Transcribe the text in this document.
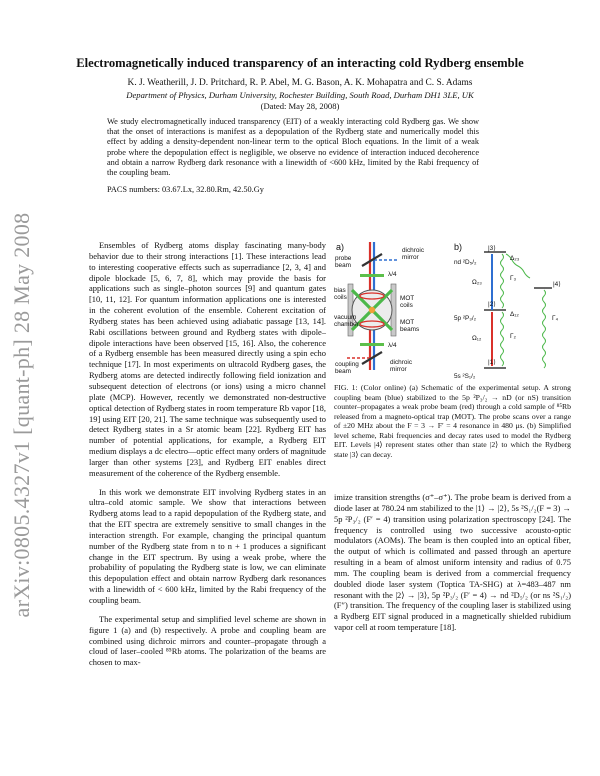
arXiv:0805.4327v1 [quant-ph] 28 May 2008
Electromagnetically induced transparency of an interacting cold Rydberg ensemble
K. J. Weatherill, J. D. Pritchard, R. P. Abel, M. G. Bason, A. K. Mohapatra and C. S. Adams
Department of Physics, Durham University, Rochester Building, South Road, Durham DH1 3LE, UK
(Dated: May 28, 2008)
We study electromagnetically induced transparency (EIT) of a weakly interacting cold Rydberg gas. We show that the onset of interactions is manifest as a depopulation of the Rydberg state and numerically model this effect by adding a density-dependent non-linear term to the optical Bloch equations. In the limit of a weak probe where the depopulation effect is negligible, we observe no evidence of interaction induced decoherence and obtain a narrow Rydberg dark resonance with a linewidth of <600 kHz, limited by the Rabi frequency of the coupling beam.
PACS numbers: 03.67.Lx, 32.80.Rm, 42.50.Gy

Ensembles of Rydberg atoms display fascinating many-body behavior due to their strong interactions [1]. These interactions lead to interesting cooperative effects such as superradiance [2, 3, 4] and dipole blockade [5, 6, 7, 8], which may provide the basis for applications such as single–photon sources [9] and quantum gates [10, 11, 12]. For quantum information applications one is interested in the coherent evolution of the ensemble. Coherent excitation of Rydberg states has been achieved using adiabatic passage [13, 14]. Rabi oscillations between ground and Rydberg states with dipole–dipole interactions have been observed [15, 16]. Also, the coherence of a Rydberg ensemble has been measured directly using a spin echo technique [17]. In most experiments on ultracold Rydberg gases, the Rydberg atoms are detected indirectly following field ionization and subsequent detection of electrons (or ions) using a micro channel plate (MCP). However, recently we demonstrated non-destructive optical detection of Rydberg states in room temperature Rb vapor [18, 19] using EIT [20, 21]. The same technique was subsequently used to detect Rydberg states in a Sr atomic beam [22]. Rydberg EIT has number of potential applications, for example, a Rydberg EIT medium displays a dc electro—optic effect many orders of magnitude larger than other systems [23], and Rydberg EIT enables direct measurement of the coherence of the Rydberg ensemble.

In this work we demonstrate EIT involving Rydberg states in an ultra–cold atomic sample. We show that interactions between Rydberg atoms lead to a rapid depopulation of the Rydberg state, and that the EIT spectra are extremely sensitive to small changes in the interaction strength. For example, changing the principal quantum number of the Rydberg state from n to n + 1 produces a significant change in the EIT spectrum. By using a weak probe, where the probability of populating the Rydberg state is low, we can eliminate this depopulation effect and obtain narrow Rydberg dark resonances with a linewidth of < 600 kHz, limited by the Rabi frequency of the coupling beam.

The experimental setup and simplified level scheme are shown in figure 1 (a) and (b) respectively. A probe and coupling beam are combined using dichroic mirrors and counter–propagate through a cloud of laser–cooled ⁸⁵Rb atoms. The polarization of the beams are chosen to max-

a)
probe
beam
dichroic
mirror
λ/4
bias
coils	MOT
coils
vacuum
chamber	MOT
beams
λ/4
coupling
beam
dichroic
mirror
b)
nd ²D₅/₂
5p ²P₃/₂
5s ²S₁/₂
|3⟩
|2⟩
|1⟩
|4⟩
Ω₂₃
Ω₁₂
Γ₃
Γ₂
Γ₄
Δ₂₃
Δ₁₂
FIG. 1: (Color online) (a) Schematic of the experimental setup. A strong coupling beam (blue) stabilized to the 5p ²P₃/₂ → nD (or nS) transition counter–propagates a weak probe beam (red) through a cold sample of ⁸⁵Rb released from a magneto-optical trap (MOT). The probe scans over a range of ±20 MHz about the F = 3 → F′ = 4 resonance in 480 μs. (b) Simplified level scheme, Rabi frequencies and decay rates used to model the Rydberg EIT. Levels |4⟩ represent states other than state |2⟩ to which the Rydberg state |3⟩ can decay.
imize transition strengths (σ⁺–σ⁺). The probe beam is derived from a diode laser at 780.24 nm stabilized to the |1⟩ → |2⟩, 5s ²S₁/₂(F = 3) → 5p ²P₃/₂ (F′ = 4) transition using polarization spectroscopy [24]. The frequency is controlled using two successive acousto-optic modulators (AOMs). The beam is then coupled into an optical fiber, the output of which is collimated and passed through an aperture resulting in a beam of almost uniform intensity and radius of 0.75 mm. The coupling beam is derived from a commercial frequency doubled diode laser system (Toptica TA-SHG) at λ=483–487 nm resonant with the |2⟩ → |3⟩, 5p ²P₃/₂ (F′ = 4) → nd ²D₅/₂ (or ns ²S₁/₂) (F″) transition. The frequency of the coupling laser is stabilized using a Rydberg EIT signal produced in a magnetically shielded rubidium vapor cell at room temperature [18].
